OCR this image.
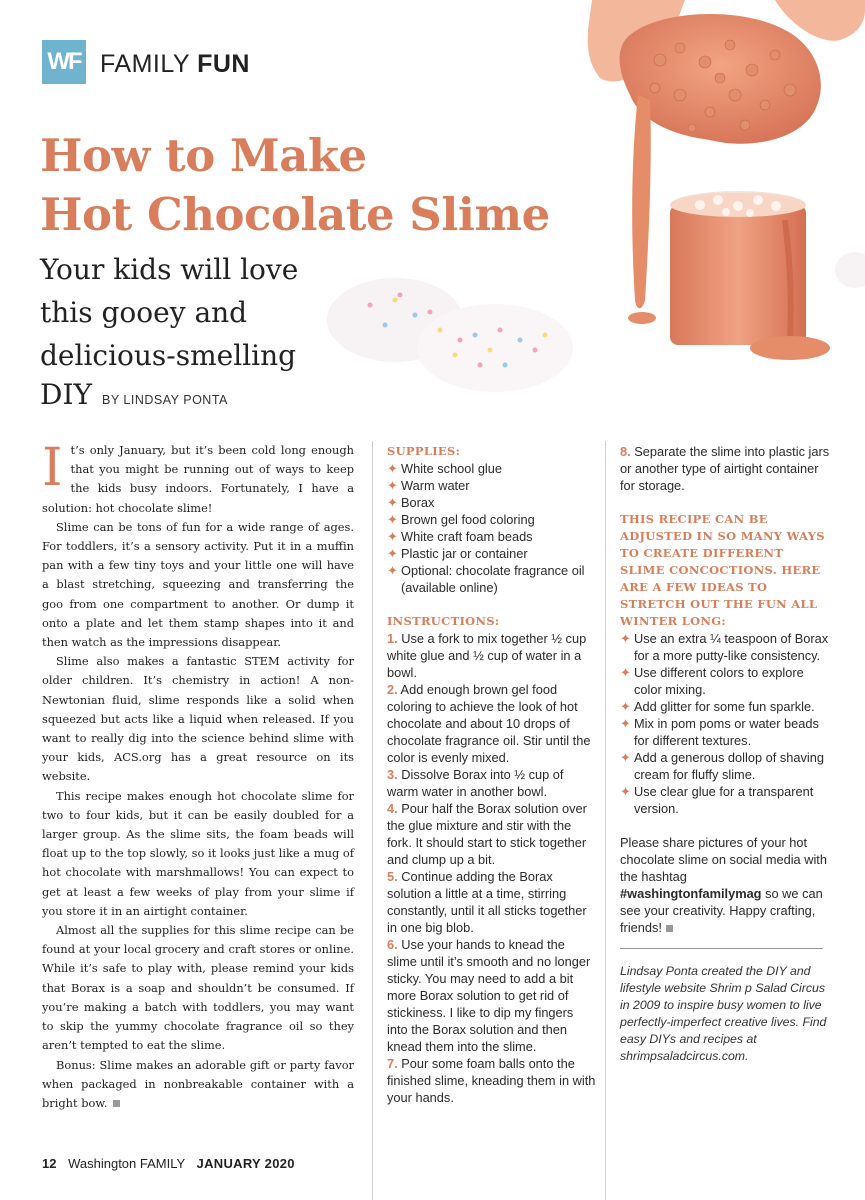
WF FAMILY FUN
How to Make
Hot Chocolate Slime
Your kids will love
this gooey and
delicious-smelling
DIY BY LINDSAY PONTA

It’s only January, but it’s been cold long enough that you might be running out of ways to keep the kids busy indoors. Fortunately, I have a solution: hot chocolate slime!

Slime can be tons of fun for a wide range of ages. For toddlers, it’s a sensory activity. Put it in a muffin pan with a few tiny toys and your little one will have a blast stretching, squeezing and transferring the goo from one compartment to another. Or dump it onto a plate and let them stamp shapes into it and then watch as the impressions disappear.

Slime also makes a fantastic STEM activity for older children. It’s chemistry in action! A non-Newtonian fluid, slime responds like a solid when squeezed but acts like a liquid when released. If you want to really dig into the science behind slime with your kids, ACS.org has a great resource on its website.

This recipe makes enough hot chocolate slime for two to four kids, but it can be easily doubled for a larger group. As the slime sits, the foam beads will float up to the top slowly, so it looks just like a mug of hot chocolate with marshmallows! You can expect to get at least a few weeks of play from your slime if you store it in an airtight container.

Almost all the supplies for this slime recipe can be found at your local grocery and craft stores or online. While it’s safe to play with, please remind your kids that Borax is a soap and shouldn’t be consumed. If you’re making a batch with toddlers, you may want to skip the yummy chocolate fragrance oil so they aren’t tempted to eat the slime.

Bonus: Slime makes an adorable gift or party favor when packaged in nonbreakable container with a bright bow.

SUPPLIES:
✦ White school glue
✦ Warm water
✦ Borax
✦ Brown gel food coloring
✦ White craft foam beads
✦ Plastic jar or container
✦ Optional: chocolate fragrance oil (available online)
INSTRUCTIONS:
1. Use a fork to mix together ½ cup white glue and ½ cup of water in a bowl.
2. Add enough brown gel food coloring to achieve the look of hot chocolate and about 10 drops of chocolate fragrance oil. Stir until the color is evenly mixed.
3. Dissolve Borax into ½ cup of warm water in another bowl.
4. Pour half the Borax solution over the glue mixture and stir with the fork. It should start to stick together and clump up a bit.
5. Continue adding the Borax solution a little at a time, stirring constantly, until it all sticks together in one big blob.
6. Use your hands to knead the slime until it’s smooth and no longer sticky. You may need to add a bit more Borax solution to get rid of stickiness. I like to dip my fingers into the Borax solution and then knead them into the slime.
7. Pour some foam balls onto the finished slime, kneading them in with your hands.
8. Separate the slime into plastic jars or another type of airtight container for storage.
THIS RECIPE CAN BE ADJUSTED IN SO MANY WAYS TO CREATE DIFFERENT SLIME CONCOCTIONS. HERE ARE A FEW IDEAS TO STRETCH OUT THE FUN ALL WINTER LONG:
✦ Use an extra ¼ teaspoon of Borax for a more putty-like consistency.
✦ Use different colors to explore color mixing.
✦ Add glitter for some fun sparkle.
✦ Mix in pom poms or water beads for different textures.
✦ Add a generous dollop of shaving cream for fluffy slime.
✦ Use clear glue for a transparent version.
Please share pictures of your hot chocolate slime on social media with the hashtag #washingtonfamilymag so we can see your creativity. Happy crafting, friends!
Lindsay Ponta created the DIY and lifestyle website Shrim p Salad Circus in 2009 to inspire busy women to live perfectly-imperfect creative lives. Find easy DIYs and recipes at shrimpsaladcircus.com.
12 Washington FAMILY JANUARY 2020
